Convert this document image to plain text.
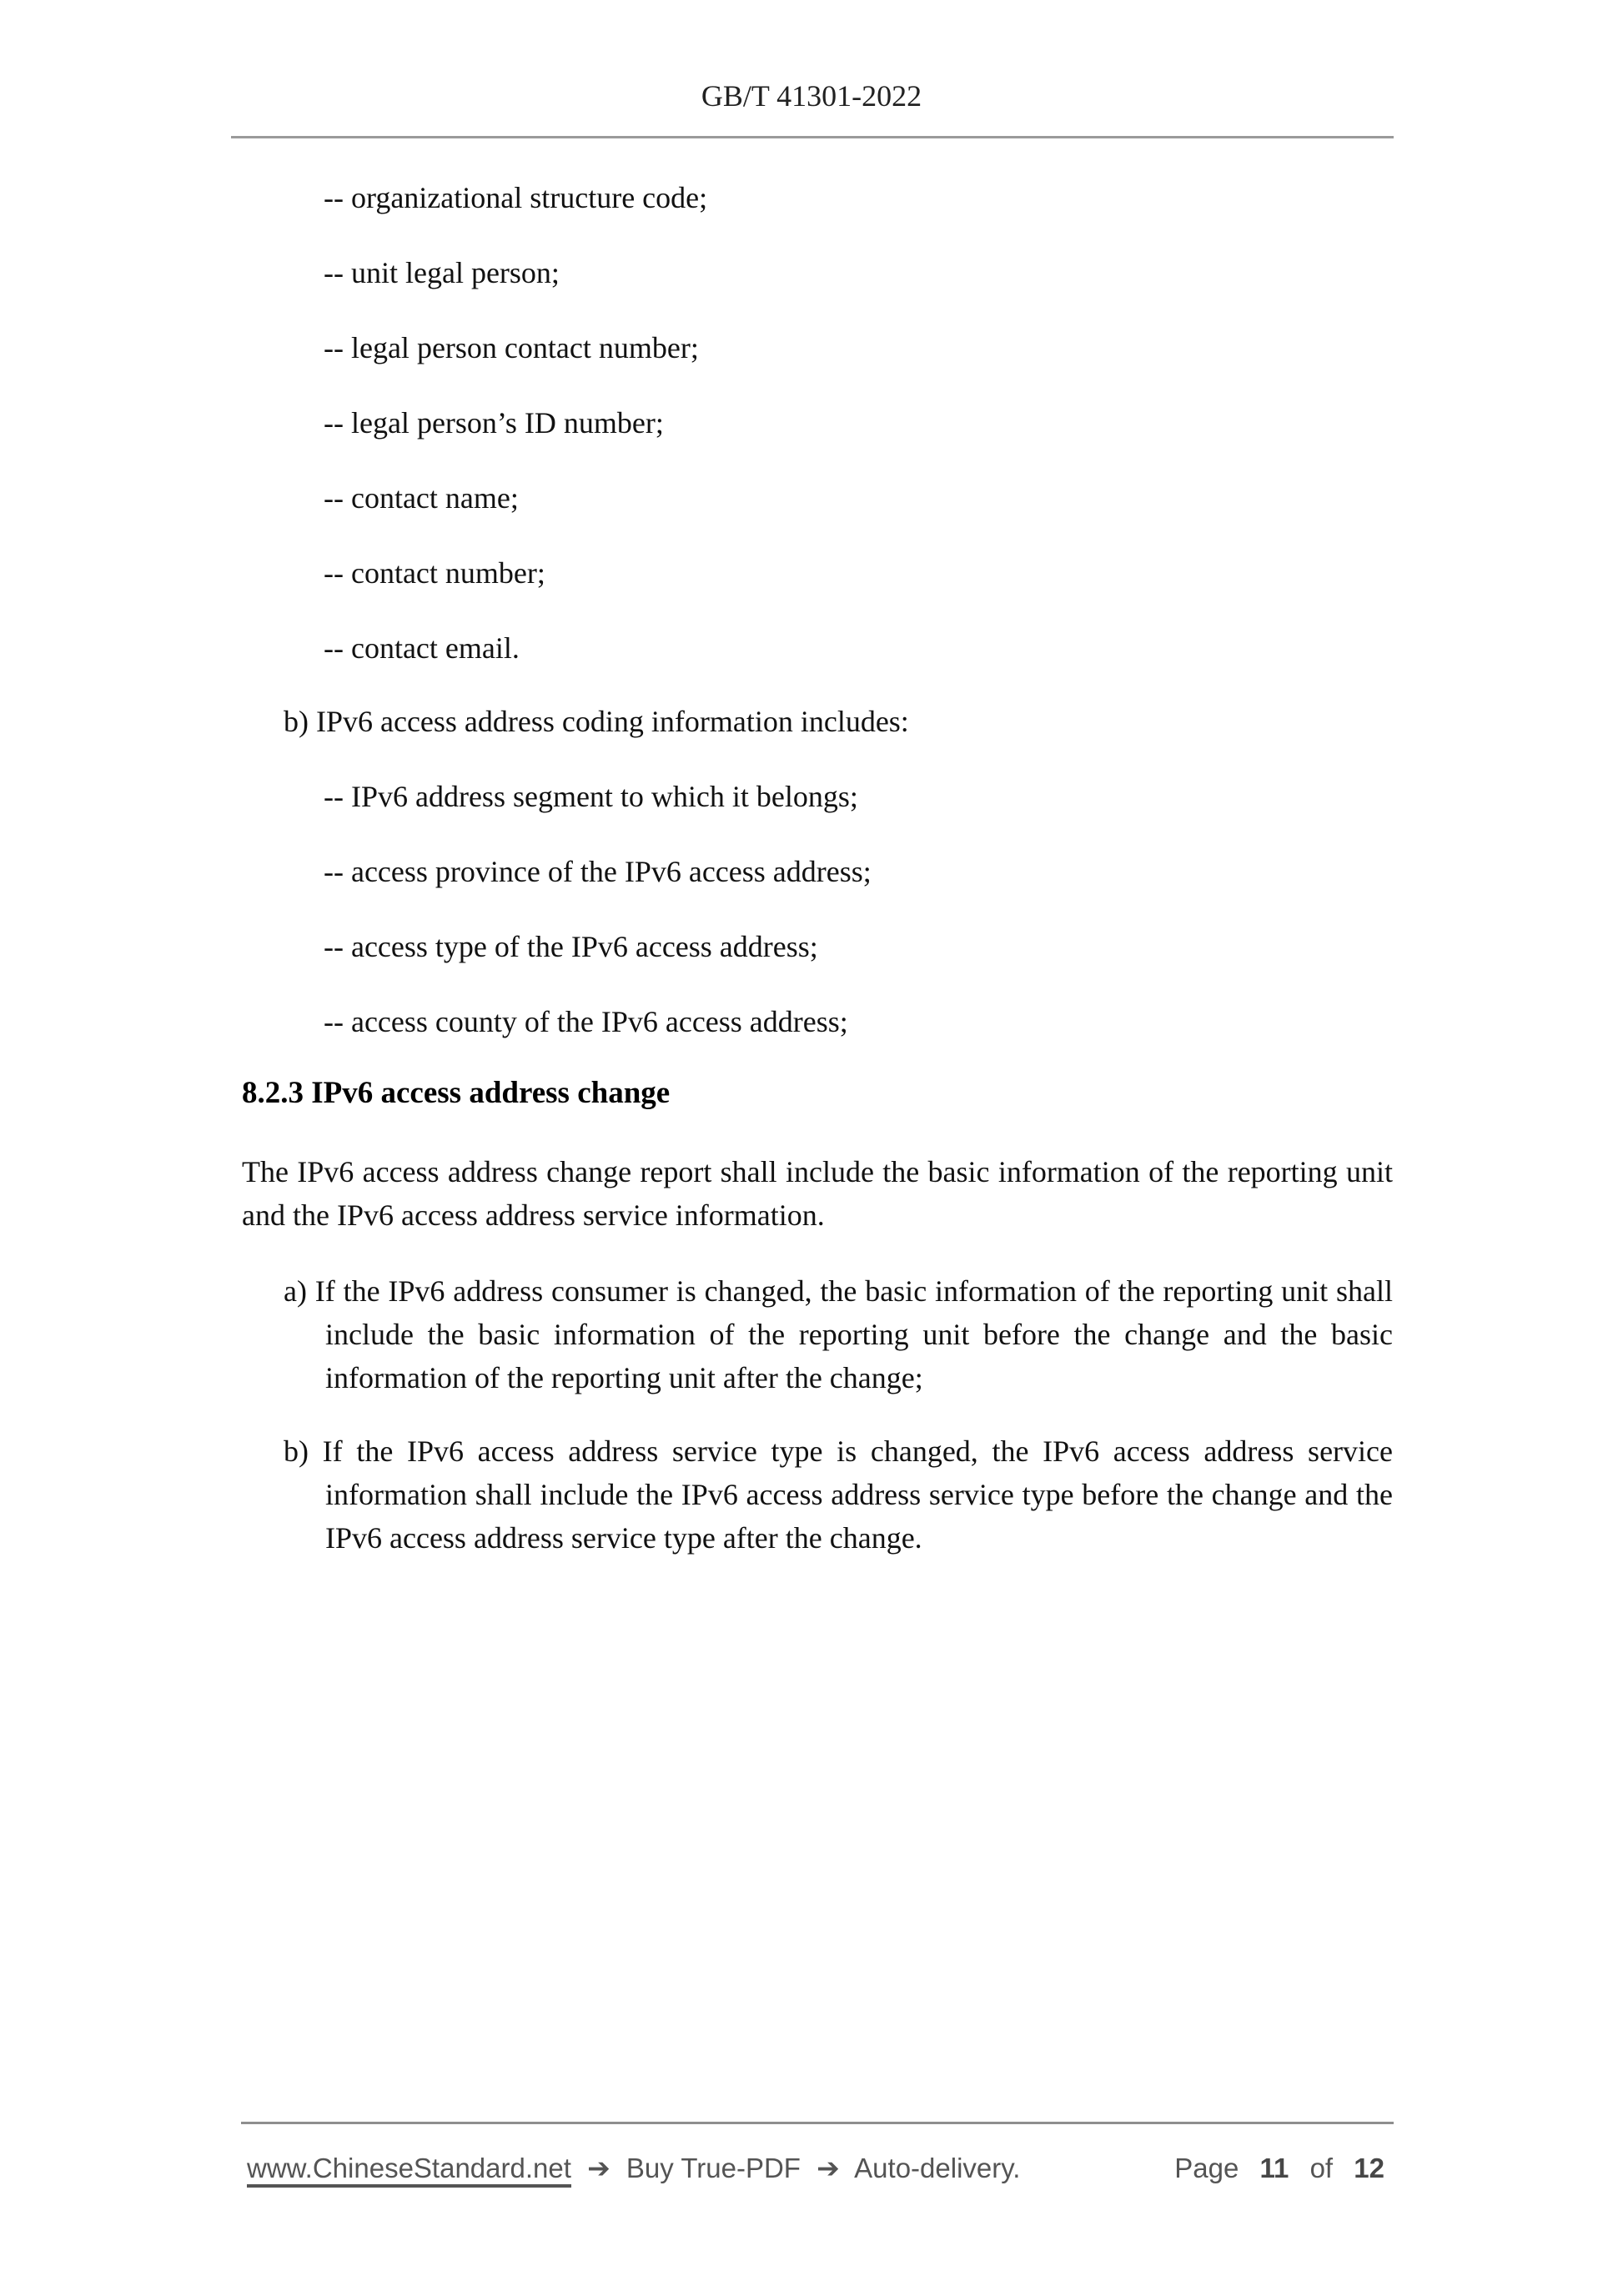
GB/T 41301-2022
-- organizational structure code;
-- unit legal person;
-- legal person contact number;
-- legal person’s ID number;
-- contact name;
-- contact number;
-- contact email.
b) IPv6 access address coding information includes:
-- IPv6 address segment to which it belongs;
-- access province of the IPv6 access address;
-- access type of the IPv6 access address;
-- access county of the IPv6 access address;
8.2.3 IPv6 access address change

The IPv6 access address change report shall include the basic information of the reporting unit and the IPv6 access address service information.

a) If the IPv6 address consumer is changed, the basic information of the reporting unit shall include the basic information of the reporting unit before the change and the basic information of the reporting unit after the change;
b) If the IPv6 access address service type is changed, the IPv6 access address service information shall include the IPv6 access address service type before the change and the IPv6 access address service type after the change.
www.ChineseStandard.net ➔ Buy True-PDF ➔ Auto-delivery.	Page 11 of 12
